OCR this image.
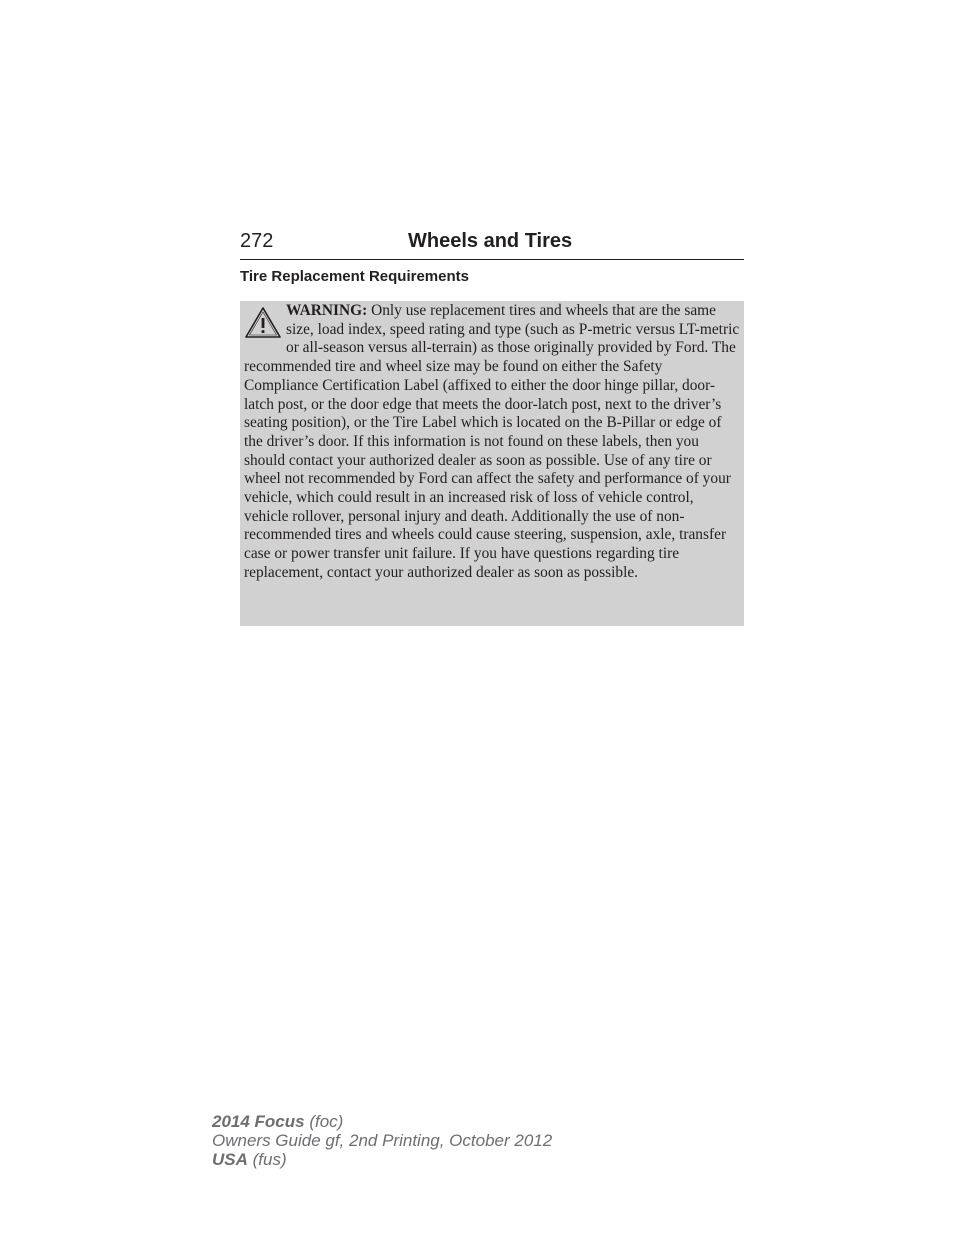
272	Wheels and Tires
Tire Replacement Requirements

WARNING: Only use replacement tires and wheels that are the same size, load index, speed rating and type (such as P-metric versus LT-metric or all-season versus all-terrain) as those originally provided by Ford. The recommended tire and wheel size may be found on either the Safety Compliance Certification Label (affixed to either the door hinge pillar, door-latch post, or the door edge that meets the door-latch post, next to the driver’s seating position), or the Tire Label which is located on the B-Pillar or edge of the driver’s door. If this information is not found on these labels, then you should contact your authorized dealer as soon as possible. Use of any tire or wheel not recommended by Ford can affect the safety and performance of your vehicle, which could result in an increased risk of loss of vehicle control, vehicle rollover, personal injury and death. Additionally the use of non-recommended tires and wheels could cause steering, suspension, axle, transfer case or power transfer unit failure. If you have questions regarding tire replacement, contact your authorized dealer as soon as possible.

2014 Focus (foc)
Owners Guide gf, 2nd Printing, October 2012
USA (fus)
